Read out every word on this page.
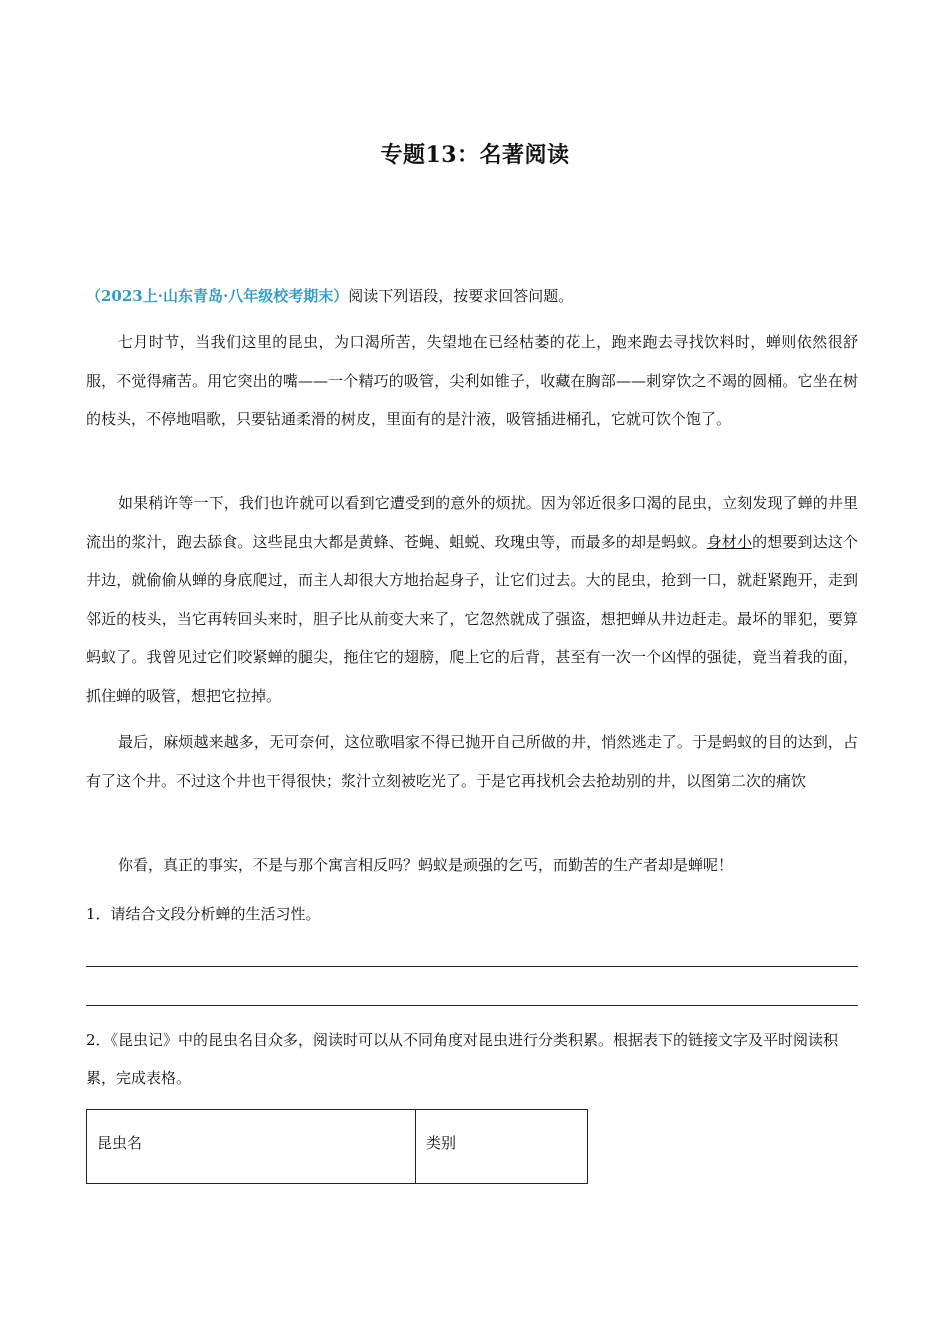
专题13：名著阅读
（2023上·山东青岛·八年级校考期末）阅读下列语段，按要求回答问题。
七月时节，当我们这里的昆虫，为口渴所苦，失望地在已经枯萎的花上，跑来跑去寻找饮料时，蝉则依然很舒服，不觉得痛苦。用它突出的嘴——一个精巧的吸管，尖利如锥子，收藏在胸部——刺穿饮之不竭的圆桶。它坐在树的枝头，不停地唱歌，只要钻通柔滑的树皮，里面有的是汁液，吸管插进桶孔，它就可饮个饱了。
如果稍许等一下，我们也许就可以看到它遭受到的意外的烦扰。因为邻近很多口渴的昆虫，立刻发现了蝉的井里流出的浆汁，跑去舔食。这些昆虫大都是黄蜂、苍蝇、蛆蜕、玫瑰虫等，而最多的却是蚂蚁。身材小的想要到达这个井边，就偷偷从蝉的身底爬过，而主人却很大方地抬起身子，让它们过去。大的昆虫，抢到一口，就赶紧跑开，走到邻近的枝头，当它再转回头来时，胆子比从前变大来了，它忽然就成了强盗，想把蝉从井边赶走。最坏的罪犯，要算蚂蚁了。我曾见过它们咬紧蝉的腿尖，拖住它的翅膀，爬上它的后背，甚至有一次一个凶悍的强徒，竟当着我的面，抓住蝉的吸管，想把它拉掉。
最后，麻烦越来越多，无可奈何，这位歌唱家不得已抛开自己所做的井，悄然逃走了。于是蚂蚁的目的达到，占有了这个井。不过这个井也干得很快；浆汁立刻被吃光了。于是它再找机会去抢劫别的井，以图第二次的痛饮
你看，真正的事实，不是与那个寓言相反吗？蚂蚁是顽强的乞丐，而勤苦的生产者却是蝉呢！
1．请结合文段分析蝉的生活习性。
2．《昆虫记》中的昆虫名目众多，阅读时可以从不同角度对昆虫进行分类积累。根据表下的链接文字及平时阅读积累，完成表格。
昆虫名	类别
